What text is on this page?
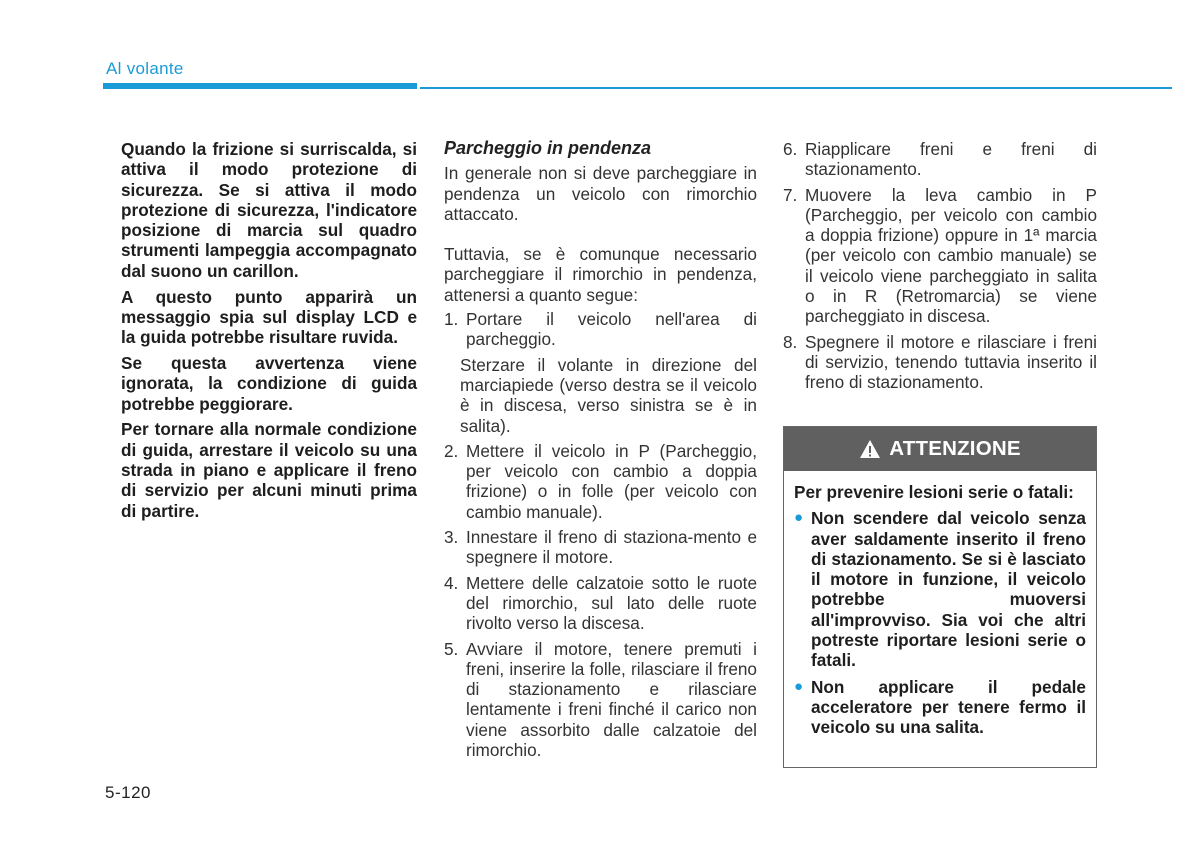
Al volante

Quando la frizione si surriscalda, si attiva il modo protezione di sicurezza. Se si attiva il modo protezione di sicurezza, l'indicatore posizione di marcia sul quadro strumenti lampeggia accompagnato dal suono un carillon.

A questo punto apparirà un messaggio spia sul display LCD e la guida potrebbe risultare ruvida.

Se questa avvertenza viene ignorata, la condizione di guida potrebbe peggiorare.

Per tornare alla normale condizione di guida, arrestare il veicolo su una strada in piano e applicare il freno di servizio per alcuni minuti prima di partire.

Parcheggio in pendenza

In generale non si deve parcheggiare in pendenza un veicolo con rimorchio attaccato.

Tuttavia, se è comunque necessario parcheggiare il rimorchio in pendenza, attenersi a quanto segue:

1. Portare il veicolo nell'area di parcheggio.

Sterzare il volante in direzione del marciapiede (verso destra se il veicolo è in discesa, verso sinistra se è in salita).

2. Mettere il veicolo in P (Parcheggio, per veicolo con cambio a doppia frizione) o in folle (per veicolo con cambio manuale).

3. Innestare il freno di staziona-mento e spegnere il motore.

4. Mettere delle calzatoie sotto le ruote del rimorchio, sul lato delle ruote rivolto verso la discesa.

5. Avviare il motore, tenere premuti i freni, inserire la folle, rilasciare il freno di stazionamento e rilasciare lentamente i freni finché il carico non viene assorbito dalle calzatoie del rimorchio.

6. Riapplicare freni e freni di stazionamento.

7. Muovere la leva cambio in P (Parcheggio, per veicolo con cambio a doppia frizione) oppure in 1ª marcia (per veicolo con cambio manuale) se il veicolo viene parcheggiato in salita o in R (Retromarcia) se viene parcheggiato in discesa.

8. Spegnere il motore e rilasciare i freni di servizio, tenendo tuttavia inserito il freno di stazionamento.

ATTENZIONE

Per prevenire lesioni serie o fatali:

● Non scendere dal veicolo senza aver saldamente inserito il freno di stazionamento. Se si è lasciato il motore in funzione, il veicolo potrebbe muoversi all'improvviso. Sia voi che altri potreste riportare lesioni serie o fatali.
● Non applicare il pedale acceleratore per tenere fermo il veicolo su una salita.
5-120
